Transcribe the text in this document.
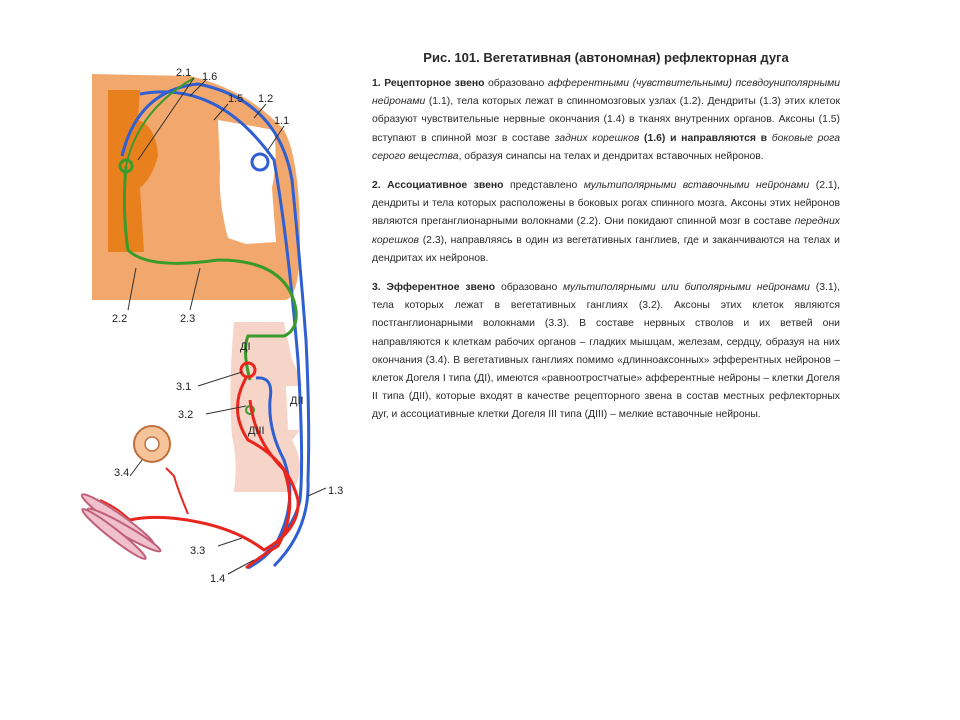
2.1 1.6
1.5 1.2
1.1
2.2	2.3
ДI
3.1
3.2
ДII
ДIII
3.4
1.3
3.3
1.4
Рис. 101. Вегетативная (автономная) рефлекторная дуга

1. Рецепторное звено образовано афферентными (чувствительными) псевдоуниполярными нейронами (1.1), тела которых лежат в спинномозговых узлах (1.2). Дендриты (1.3) этих клеток образуют чувствительные нервные окончания (1.4) в тканях внутренних органов. Аксоны (1.5) вступают в спинной мозг в составе задних корешков (1.6) и направляются в боковые рога серого вещества, образуя синапсы на телах и дендритах вставочных нейронов.

2. Ассоциативное звено представлено мультиполярными вставочными нейронами (2.1), дендриты и тела которых расположены в боковых рогах спинного мозга. Аксоны этих нейронов являются преганглионарными волокнами (2.2). Они покидают спинной мозг в составе передних корешков (2.3), направляясь в один из вегетативных ганглиев, где и заканчиваются на телах и дендритах их нейронов.

3. Эфферентное звено образовано мультиполярными или биполярными нейронами (3.1), тела которых лежат в вегетативных ганглиях (3.2). Аксоны этих клеток являются постганглионарными волокнами (3.3). В составе нервных стволов и их ветвей они направляются к клеткам рабочих органов – гладких мышцам, железам, сердцу, образуя на них окончания (3.4). В вегетативных ганглиях помимо «длинноаксонных» эфферентных нейронов – клеток Догеля I типа (ДI), имеются «равноотростчатые» афферентные нейроны – клетки Догеля II типа (ДII), которые входят в качестве рецепторного звена в состав местных рефлекторных дуг, и ассоциативные клетки Догеля III типа (ДIII) – мелкие вставочные нейроны.
